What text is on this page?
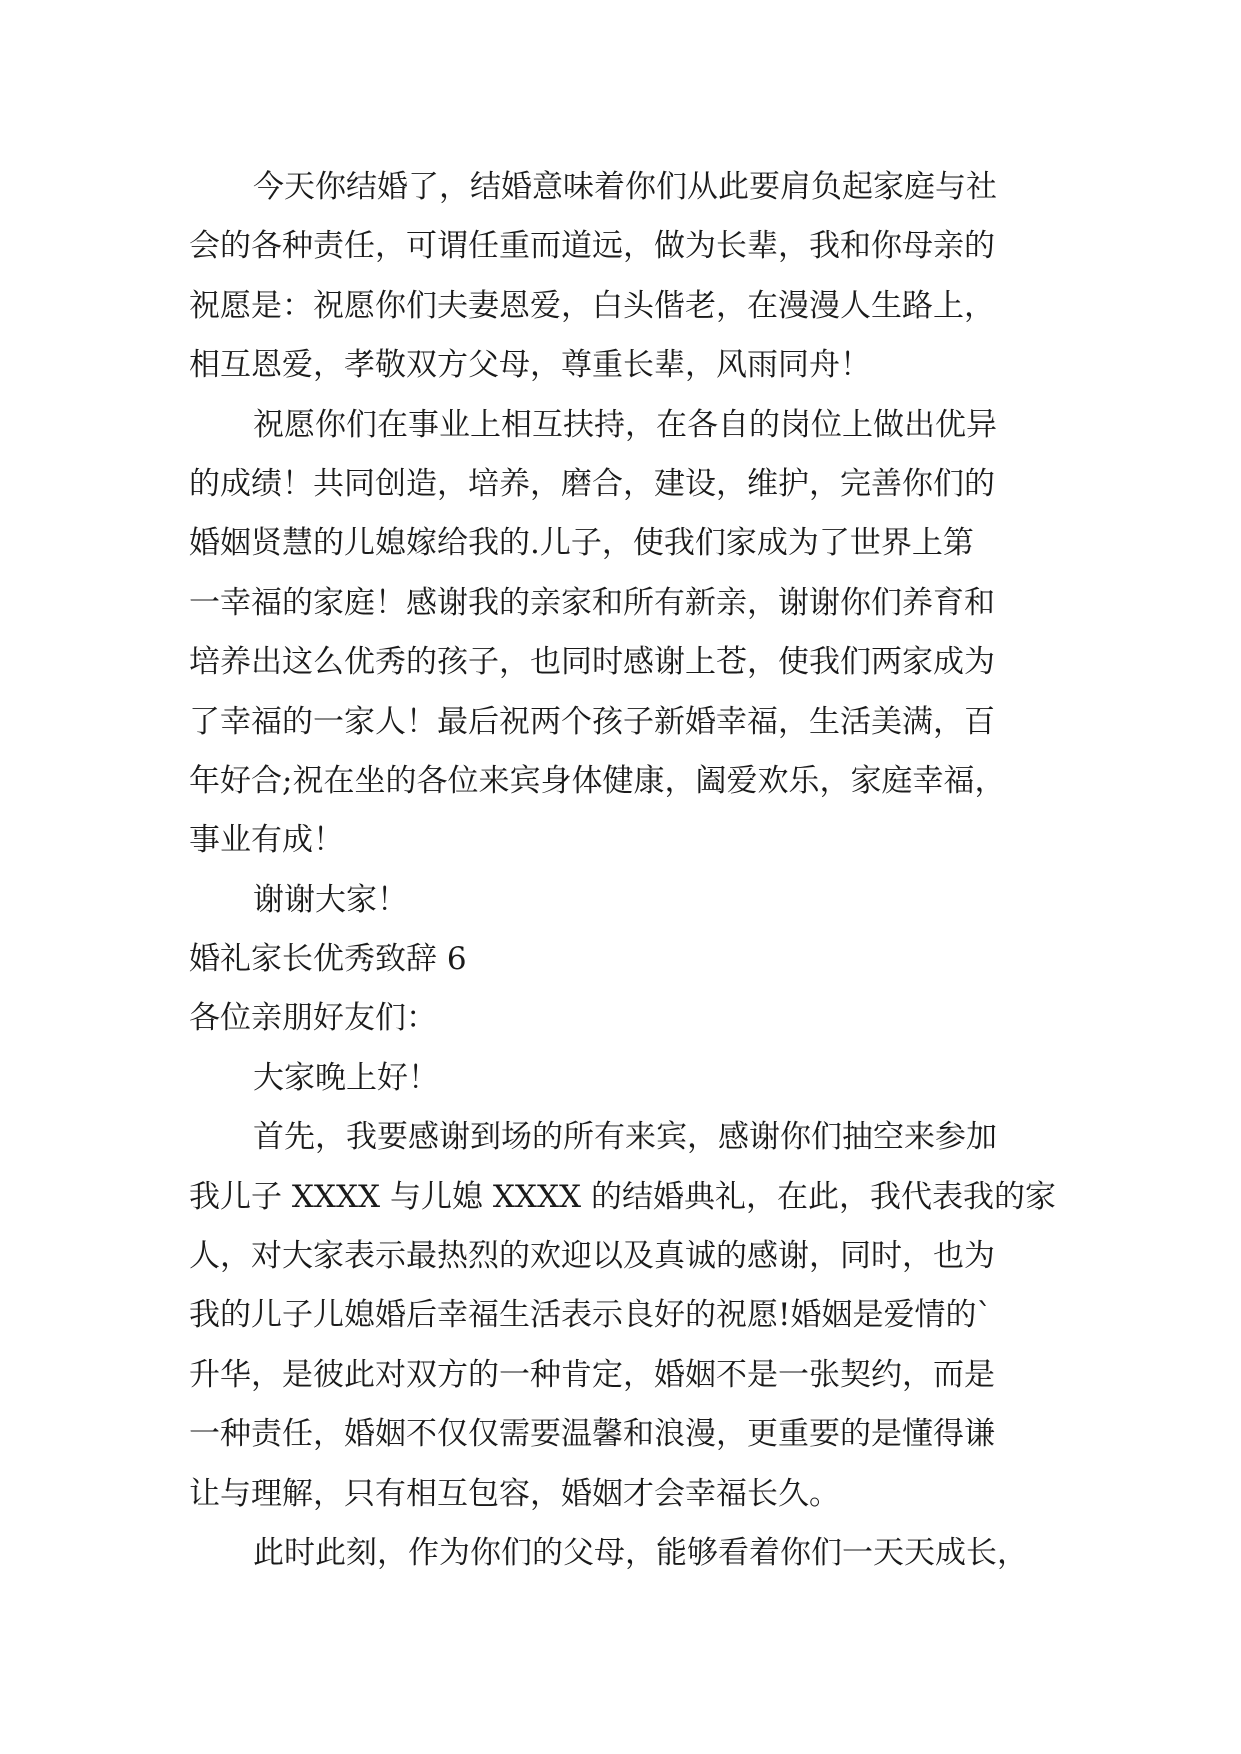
今天你结婚了，结婚意味着你们从此要肩负起家庭与社
会的各种责任，可谓任重而道远，做为长辈，我和你母亲的
祝愿是：祝愿你们夫妻恩爱，白头偕老，在漫漫人生路上，
相互恩爱，孝敬双方父母，尊重长辈，风雨同舟！
祝愿你们在事业上相互扶持，在各自的岗位上做出优异
的成绩！共同创造，培养，磨合，建设，维护，完善你们的
婚姻贤慧的儿媳嫁给我的.儿子，使我们家成为了世界上第
一幸福的家庭！感谢我的亲家和所有新亲，谢谢你们养育和
培养出这么优秀的孩子，也同时感谢上苍，使我们两家成为
了幸福的一家人！最后祝两个孩子新婚幸福，生活美满，百
年好合;祝在坐的各位来宾身体健康，阖爱欢乐，家庭幸福，
事业有成！
谢谢大家！
婚礼家长优秀致辞 6
各位亲朋好友们：
大家晚上好！
首先，我要感谢到场的所有来宾，感谢你们抽空来参加
我儿子 XXXX 与儿媳 XXXX 的结婚典礼，在此，我代表我的家
人，对大家表示最热烈的欢迎以及真诚的感谢，同时，也为
我的儿子儿媳婚后幸福生活表示良好的祝愿!婚姻是爱情的`
升华，是彼此对双方的一种肯定，婚姻不是一张契约，而是
一种责任，婚姻不仅仅需要温馨和浪漫，更重要的是懂得谦
让与理解，只有相互包容，婚姻才会幸福长久。
此时此刻，作为你们的父母，能够看着你们一天天成长，
